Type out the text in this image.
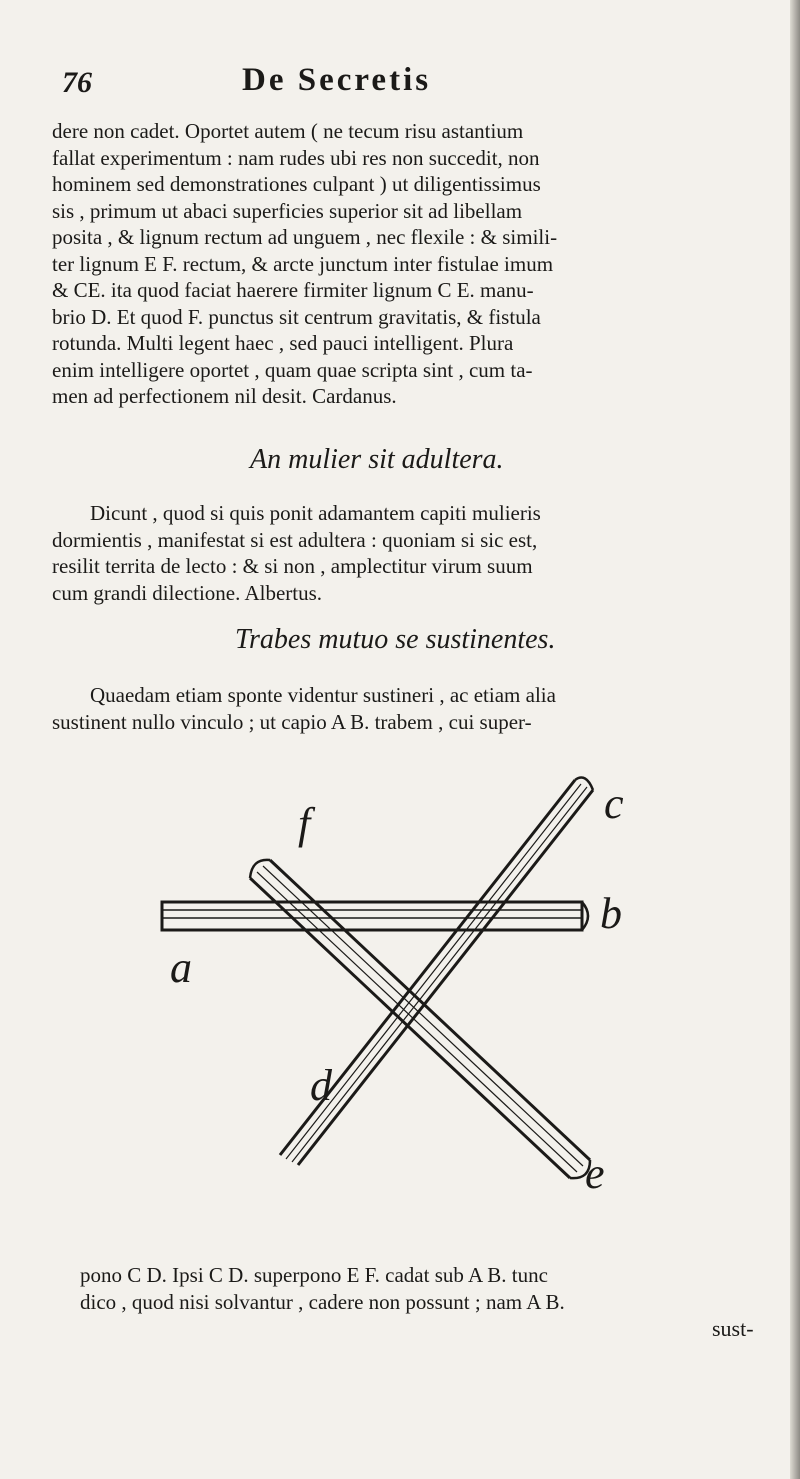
76	De Secretis
dere non cadet. Oportet autem ( ne tecum risu astantium
fallat experimentum : nam rudes ubi res non succedit, non
hominem sed demonstrationes culpant ) ut diligentissimus
sis , primum ut abaci superficies superior sit ad libellam
posita , & lignum rectum ad unguem , nec flexile : & simili-
ter lignum E F. rectum, & arcte junctum inter fistulae imum
& CE. ita quod faciat haerere firmiter lignum C E. manu-
brio D. Et quod F. punctus sit centrum gravitatis, & fistula
rotunda. Multi legent haec , sed pauci intelligent. Plura
enim intelligere oportet , quam quae scripta sint , cum ta-
men ad perfectionem nil desit. Cardanus.
An mulier sit adultera.
Dicunt , quod si quis ponit adamantem capiti mulieris
dormientis , manifestat si est adultera : quoniam si sic est,
resilit territa de lecto : & si non , amplectitur virum suum
cum grandi dilectione. Albertus.
Trabes mutuo se sustinentes.
Quaedam etiam sponte videntur sustineri , ac etiam alia
sustinent nullo vinculo ; ut capio A B. trabem , cui super-
f
b
c
a
d
e
pono C D. Ipsi C D. superpono E F. cadat sub A B. tunc
dico , quod nisi solvantur , cadere non possunt ; nam A B.
sust-
